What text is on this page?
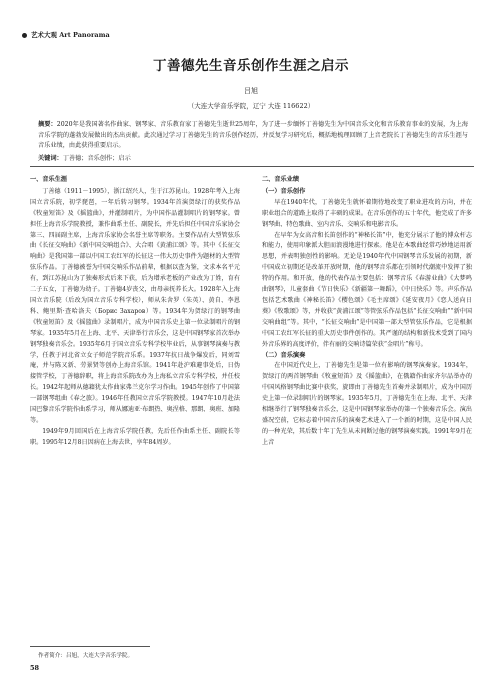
艺术大观 Art Panorama
丁善德先生音乐创作生涯之启示
吕旭
（大连大学音乐学院，辽宁 大连 116622）
摘要：2020年是我国著名作曲家、钢琴家、音乐教育家丁善德先生逝世25周年，为了进一步缅怀丁善德先生为中国音乐文化和音乐教育事业的发展，为上海音乐学院的蓬勃发展做出的杰出贡献。此次通过学习丁善德先生的音乐创作经历，并反复学习研究后，概括地梳理回顾了上音老院长丁善德先生的音乐生涯与音乐业绩，由此获得重要启示。
关键词：丁善德；音乐创作；启示
一、音乐生涯

丁善德（1911－1995），浙江绍兴人，生于江苏昆山。1928年考入上海国立音乐院，初学琵琶，一年后转习钢琴。1934年首演贺绿汀的获奖作品《牧童短笛》及《摇篮曲》，并灌制唱片，为中国作品灌制唱片的钢琴家。曾担任上海音乐学院教授，兼作曲系主任、副院长，并先后担任中国音乐家协会第三、四届副主席，上海音乐家协会名誉主席等职务。主要作品有大型管弦乐曲《长征交响曲》《新中国交响组合》、大合唱《黄浦江颂》等。其中《长征交响曲》是我国第一部以中国工农红军的长征这一伟大历史事件为题材的大型管弦乐作品。丁善德被誉为中国交响乐作品前辈，根据以查为鉴，文求本名平元有，到江苏昆山为了独奏形式后来下获，后为增承老板的产业改为丁姓，育有二子五女，丁善德为幼子。丁善德4岁丧父，由母亲抚养长大。1928年入上海国立音乐院（后改为国立音乐专科学校），师从朱舍罗（朱英）、黄自、李恩科、鲍里斯·查哈洛夫（Борис Захаров）等。1934年为贺绿汀的钢琴曲《牧童短笛》及《摇篮曲》录制唱片，成为中国音乐史上第一位录制唱片的钢琴家。1935年5月在上海、北平、天津举行音乐会，这是中国钢琴家首次举办钢琴独奏音乐会。1935年6月于国立音乐专科学校毕业后，从事钢琴演奏与教学，任教于河北省立女子师范学院音乐系。1937年抗日战争爆发后，同刘雪庵，并与陈又新、劳景贤等创办上海音乐馆。1941年赴沪难避事处后，日伪接管学校，丁善德辞职，将上海音乐院改办为上海私立音乐专科学校，并任校长。1942年起师从德籍犹太作曲家弗兰克尔学习作曲。1945年创作了中国第一部钢琴组曲《春之旅》。1946年任教国立音乐学院教授。1947年10月赴法国巴黎音乐学院作曲系学习，师从娜迪亚·布朗热、奥涅格、那朗、奥班、加隆等。

1949年9月回国后在上海音乐学院任教，先后任作曲系主任、副院长等职。1995年12月8日因病在上海去世，享年84周岁。

二、音乐业绩
（一）音乐创作

早在1940年代，丁善德先生就怀着期待地改变了职业进攻的方向，并在职业组合的道路上取得了丰硕的成果。在音乐创作的五十年代，他完成了许多钢琴曲、特色歌曲、室内音乐、交响乐和电影音乐。

在早年为女高音和长笛创作的“神秘长笛”中，他充分展示了他的博众杆志和能力，使用印象派大胆而浪漫地进行探索。他是在本歌曲经常巧妙地运用新思想，并表明独创性的影响。无论是1940年代中国钢琴音乐发展的初期，新中国成立初期还是改革开放时期，他的钢琴音乐都在引领时代潮流中发挥了独特的作用。和开放，他的代表作品主要包括：钢琴音乐《春游业曲》《大梦鸣曲钢琴》，儿童套曲《节日快乐》《新疆第一舞蹈》，《中日快乐》等。声乐作品包括艺术歌曲《神秘长笛》《樱色颂》《毛主席颂》《延安夜月》《恋人送向日葵》《牧歌颂》等，并收获“黄浦江颂”等管弦乐作品包括“长征交响曲”“新中国交响曲组”等。其中，“长征交响曲”是中国第一部大型管弦乐作品，它是根据中国工农红军长征的重大历史事件创作的。其严谨的结构和新技术受到了国内外音乐界的高度评价，伴有丽的交响诗篇荣获“金唱片”称号。

（二）音乐演奏

在中国近代史上，丁善德先生是第一位有影响的钢琴演奏家。1934年，贺绿汀的两首钢琴曲《牧童短笛》及《摇篮曲》，在俄籍作曲家齐尔品举办的中国风格钢琴曲比赛中获奖，旋即由丁善德先生首奏并录制唱片，成为中国历史上第一位录制唱片的钢琴家。1935年5月，丁善德先生在上海、北平、天津相继举行了钢琴独奏音乐会，这是中国钢琴家举办的第一个独奏音乐会。演出盛况空前，它标志着中国音乐的演奏艺术进入了一个新的时期，这是中国人民的一种光荣，其后数十年丁先生从未间断过他的钢琴演奏实践。1991年9月在上音

作者简介：吕旭，大连大学音乐学院。
58
